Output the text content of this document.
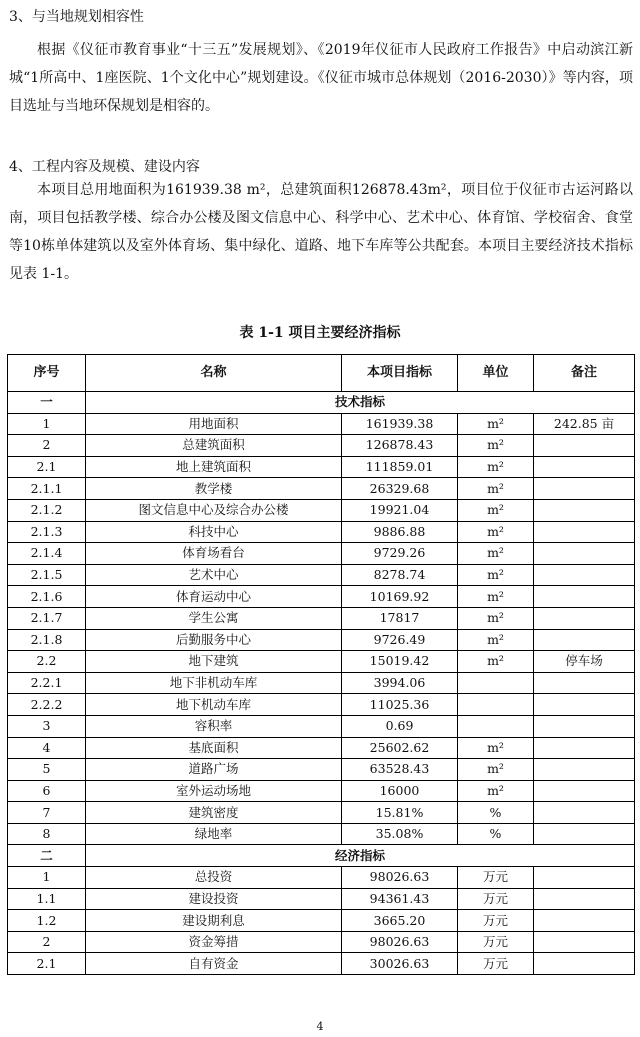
3、与当地规划相容性

根据《仪征市教育事业“十三五”发展规划》、《2019年仪征市人民政府工作报告》中启动滨江新城“1所高中、1座医院、1个文化中心”规划建设。《仪征市城市总体规划（2016-2030）》等内容，项目选址与当地环保规划是相容的。

4、工程内容及规模、建设内容

本项目总用地面积为161939.38 m²，总建筑面积126878.43m²，项目位于仪征市古运河路以南，项目包括教学楼、综合办公楼及图文信息中心、科学中心、艺术中心、体育馆、学校宿舍、食堂等10栋单体建筑以及室外体育场、集中绿化、道路、地下车库等公共配套。本项目主要经济技术指标见表 1-1。

表 1-1 项目主要经济指标
序号	名称	本项目指标	单位	备注
一	技术指标			
1	用地面积	161939.38	m²	242.85 亩
2	总建筑面积	126878.43	m²	
2.1	地上建筑面积	111859.01	m²	
2.1.1	教学楼	26329.68	m²	
2.1.2	图文信息中心及综合办公楼	19921.04	m²	
2.1.3	科技中心	9886.88	m²	
2.1.4	体育场看台	9729.26	m²	
2.1.5	艺术中心	8278.74	m²	
2.1.6	体育运动中心	10169.92	m²	
2.1.7	学生公寓	17817	m²	
2.1.8	后勤服务中心	9726.49	m²	
2.2	地下建筑	15019.42	m²	停车场
2.2.1	地下非机动车库	3994.06		
2.2.2	地下机动车库	11025.36		
3	容积率	0.69		
4	基底面积	25602.62	m²	
5	道路广场	63528.43	m²	
6	室外运动场地	16000	m²	
7	建筑密度	15.81%	%	
8	绿地率	35.08%	%	
二	经济指标			
1	总投资	98026.63	万元	
1.1	建设投资	94361.43	万元	
1.2	建设期利息	3665.20	万元	
2	资金筹措	98026.63	万元	
2.1	自有资金	30026.63	万元	
4
